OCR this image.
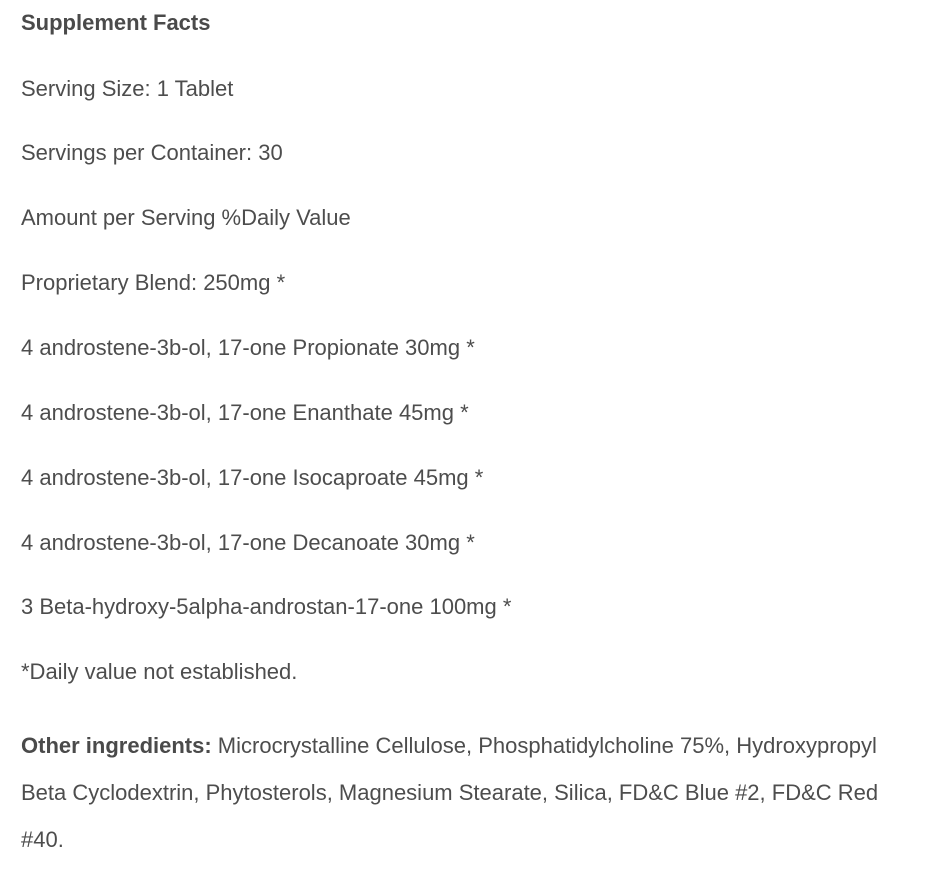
Supplement Facts

Serving Size: 1 Tablet

Servings per Container: 30

Amount per Serving %Daily Value

Proprietary Blend: 250mg *

4 androstene-3b-ol, 17-one Propionate 30mg *

4 androstene-3b-ol, 17-one Enanthate 45mg *

4 androstene-3b-ol, 17-one Isocaproate 45mg *

4 androstene-3b-ol, 17-one Decanoate 30mg *

3 Beta-hydroxy-5alpha-androstan-17-one 100mg *

*Daily value not established.

Other ingredients: Microcrystalline Cellulose, Phosphatidylcholine 75%, Hydroxypropyl Beta Cyclodextrin, Phytosterols, Magnesium Stearate, Silica, FD&C Blue #2, FD&C Red #40.
